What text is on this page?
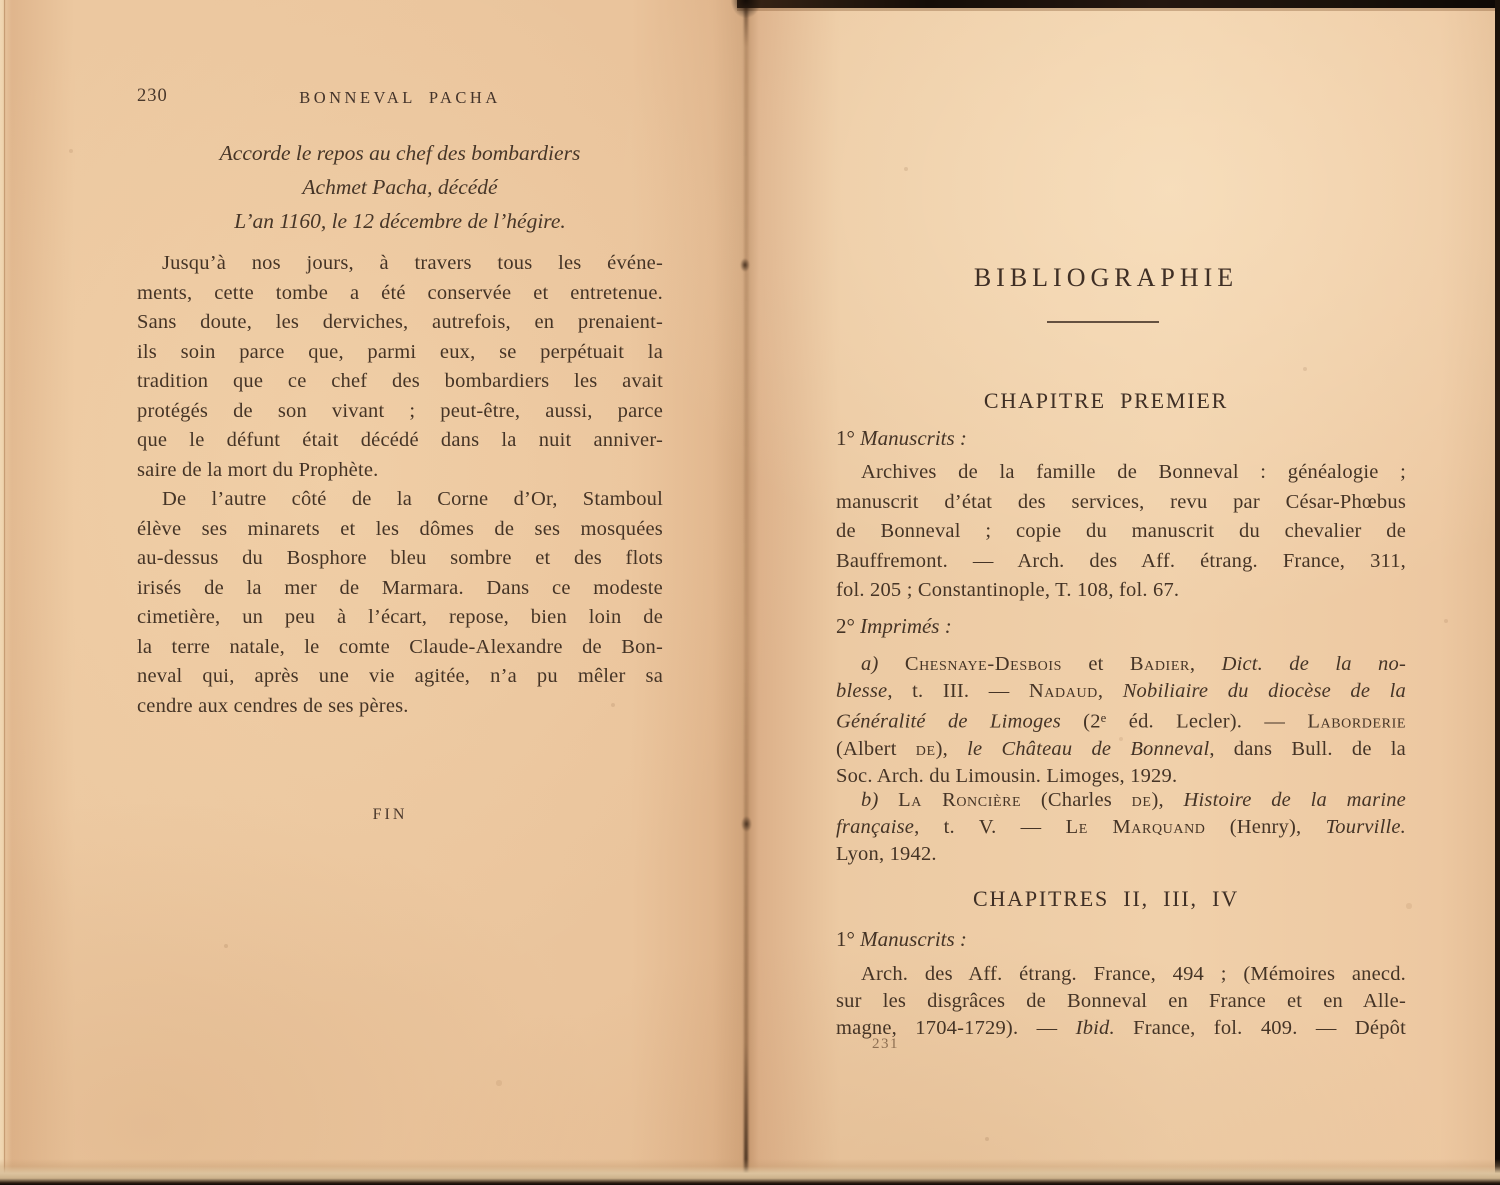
230	BONNEVAL PACHA
Accorde le repos au chef des bombardiers
Achmet Pacha, décédé
L’an 1160, le 12 décembre de l’hégire.
Jusqu’à nos jours, à travers tous les événe-
ments, cette tombe a été conservée et entretenue.
Sans doute, les derviches, autrefois, en prenaient-
ils soin parce que, parmi eux, se perpétuait la
tradition que ce chef des bombardiers les avait
protégés de son vivant ; peut-être, aussi, parce
que le défunt était décédé dans la nuit anniver-
saire de la mort du Prophète.
De l’autre côté de la Corne d’Or, Stamboul
élève ses minarets et les dômes de ses mosquées
au-dessus du Bosphore bleu sombre et des flots
irisés de la mer de Marmara. Dans ce modeste
cimetière, un peu à l’écart, repose, bien loin de
la terre natale, le comte Claude-Alexandre de Bon-
neval qui, après une vie agitée, n’a pu mêler sa
cendre aux cendres de ses pères.
FIN
BIBLIOGRAPHIE
CHAPITRE PREMIER
1° Manuscrits :
Archives de la famille de Bonneval : généalogie ;
manuscrit d’état des services, revu par César-Phœbus
de Bonneval ; copie du manuscrit du chevalier de
Bauffremont. — Arch. des Aff. étrang. France, 311,
fol. 205 ; Constantinople, T. 108, fol. 67.
2° Imprimés :
a) Chesnaye-Desbois et Badier, Dict. de la no-
blesse, t. III. — Nadaud, Nobiliaire du diocèse de la
Généralité de Limoges (2e éd. Lecler). — Laborderie
(Albert de), le Château de Bonneval, dans Bull. de la
Soc. Arch. du Limousin. Limoges, 1929.
b) La Roncière (Charles de), Histoire de la marine
française, t. V. — Le Marquand (Henry), Tourville.
Lyon, 1942.
CHAPITRES II, III, IV
1° Manuscrits :
Arch. des Aff. étrang. France, 494 ; (Mémoires anecd.
sur les disgrâces de Bonneval en France et en Alle-
magne, 1704-1729). — Ibid. France, fol. 409. — Dépôt
231
